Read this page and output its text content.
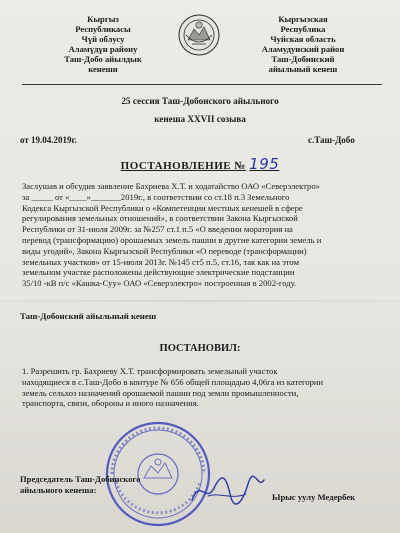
Кыргыз
Республикасы
Чүй облусу
Аламүдүн району
Таш-Добо айылдык
кенеши
Кыргызская
Республика
Чуйская область
Аламудунский район
Таш-Добинский
айыльный кенеш
25 сессия Таш-Добонского айыльного
кенеша XXVII созыва
от 19.04.2019г.	с.Таш-Добо
ПОСТАНОВЛЕНИЕ № 195
Заслушав и обсудив заявление Бахриева Х.Т. и ходатайство ОАО «Северэлектро»
за _____ от «____»_______2019г., в соответствии со ст.18 п.3 Земельного
Кодекса Кыргызской Республики о «Компетенции местных кенешей в сфере
регулирования земельных отношений», в соответствии Закона Кыргызской
Республики от 31-июля 2009г. за №257 ст.1 п.5 «О введении моратория на
перевод (трансформацию) орошаемых земель пашни в другие категории земель и
виды угодий», Закона Кыргызской Республики «О переводе (трансформации)
земельных участков» от 15-июля 2013г. №145 ст5 п.5, ст.16, так как на этом
земельном участке расположены действующие электрические подстанции
35/10 -кВ п/с «Кашка-Суу» ОАО «Северэлектро» построенная в 2002-году.
Таш-Добонский айыльный кенеш
ПОСТАНОВИЛ:
1. Разрешить гр. Бахриеву Х.Т. трансформировать земельный участок
находящиеся в с.Таш-Добо в контуре № 656 общей площадью 4,06га из категории
земель сельхоз назначений орошаемой пашни под земли промышленности,
транспорта, связи, обороны и иного назначения.
Председатель Таш-Добинского
айыльного кенеша:
Ырыс уулу Медербек
